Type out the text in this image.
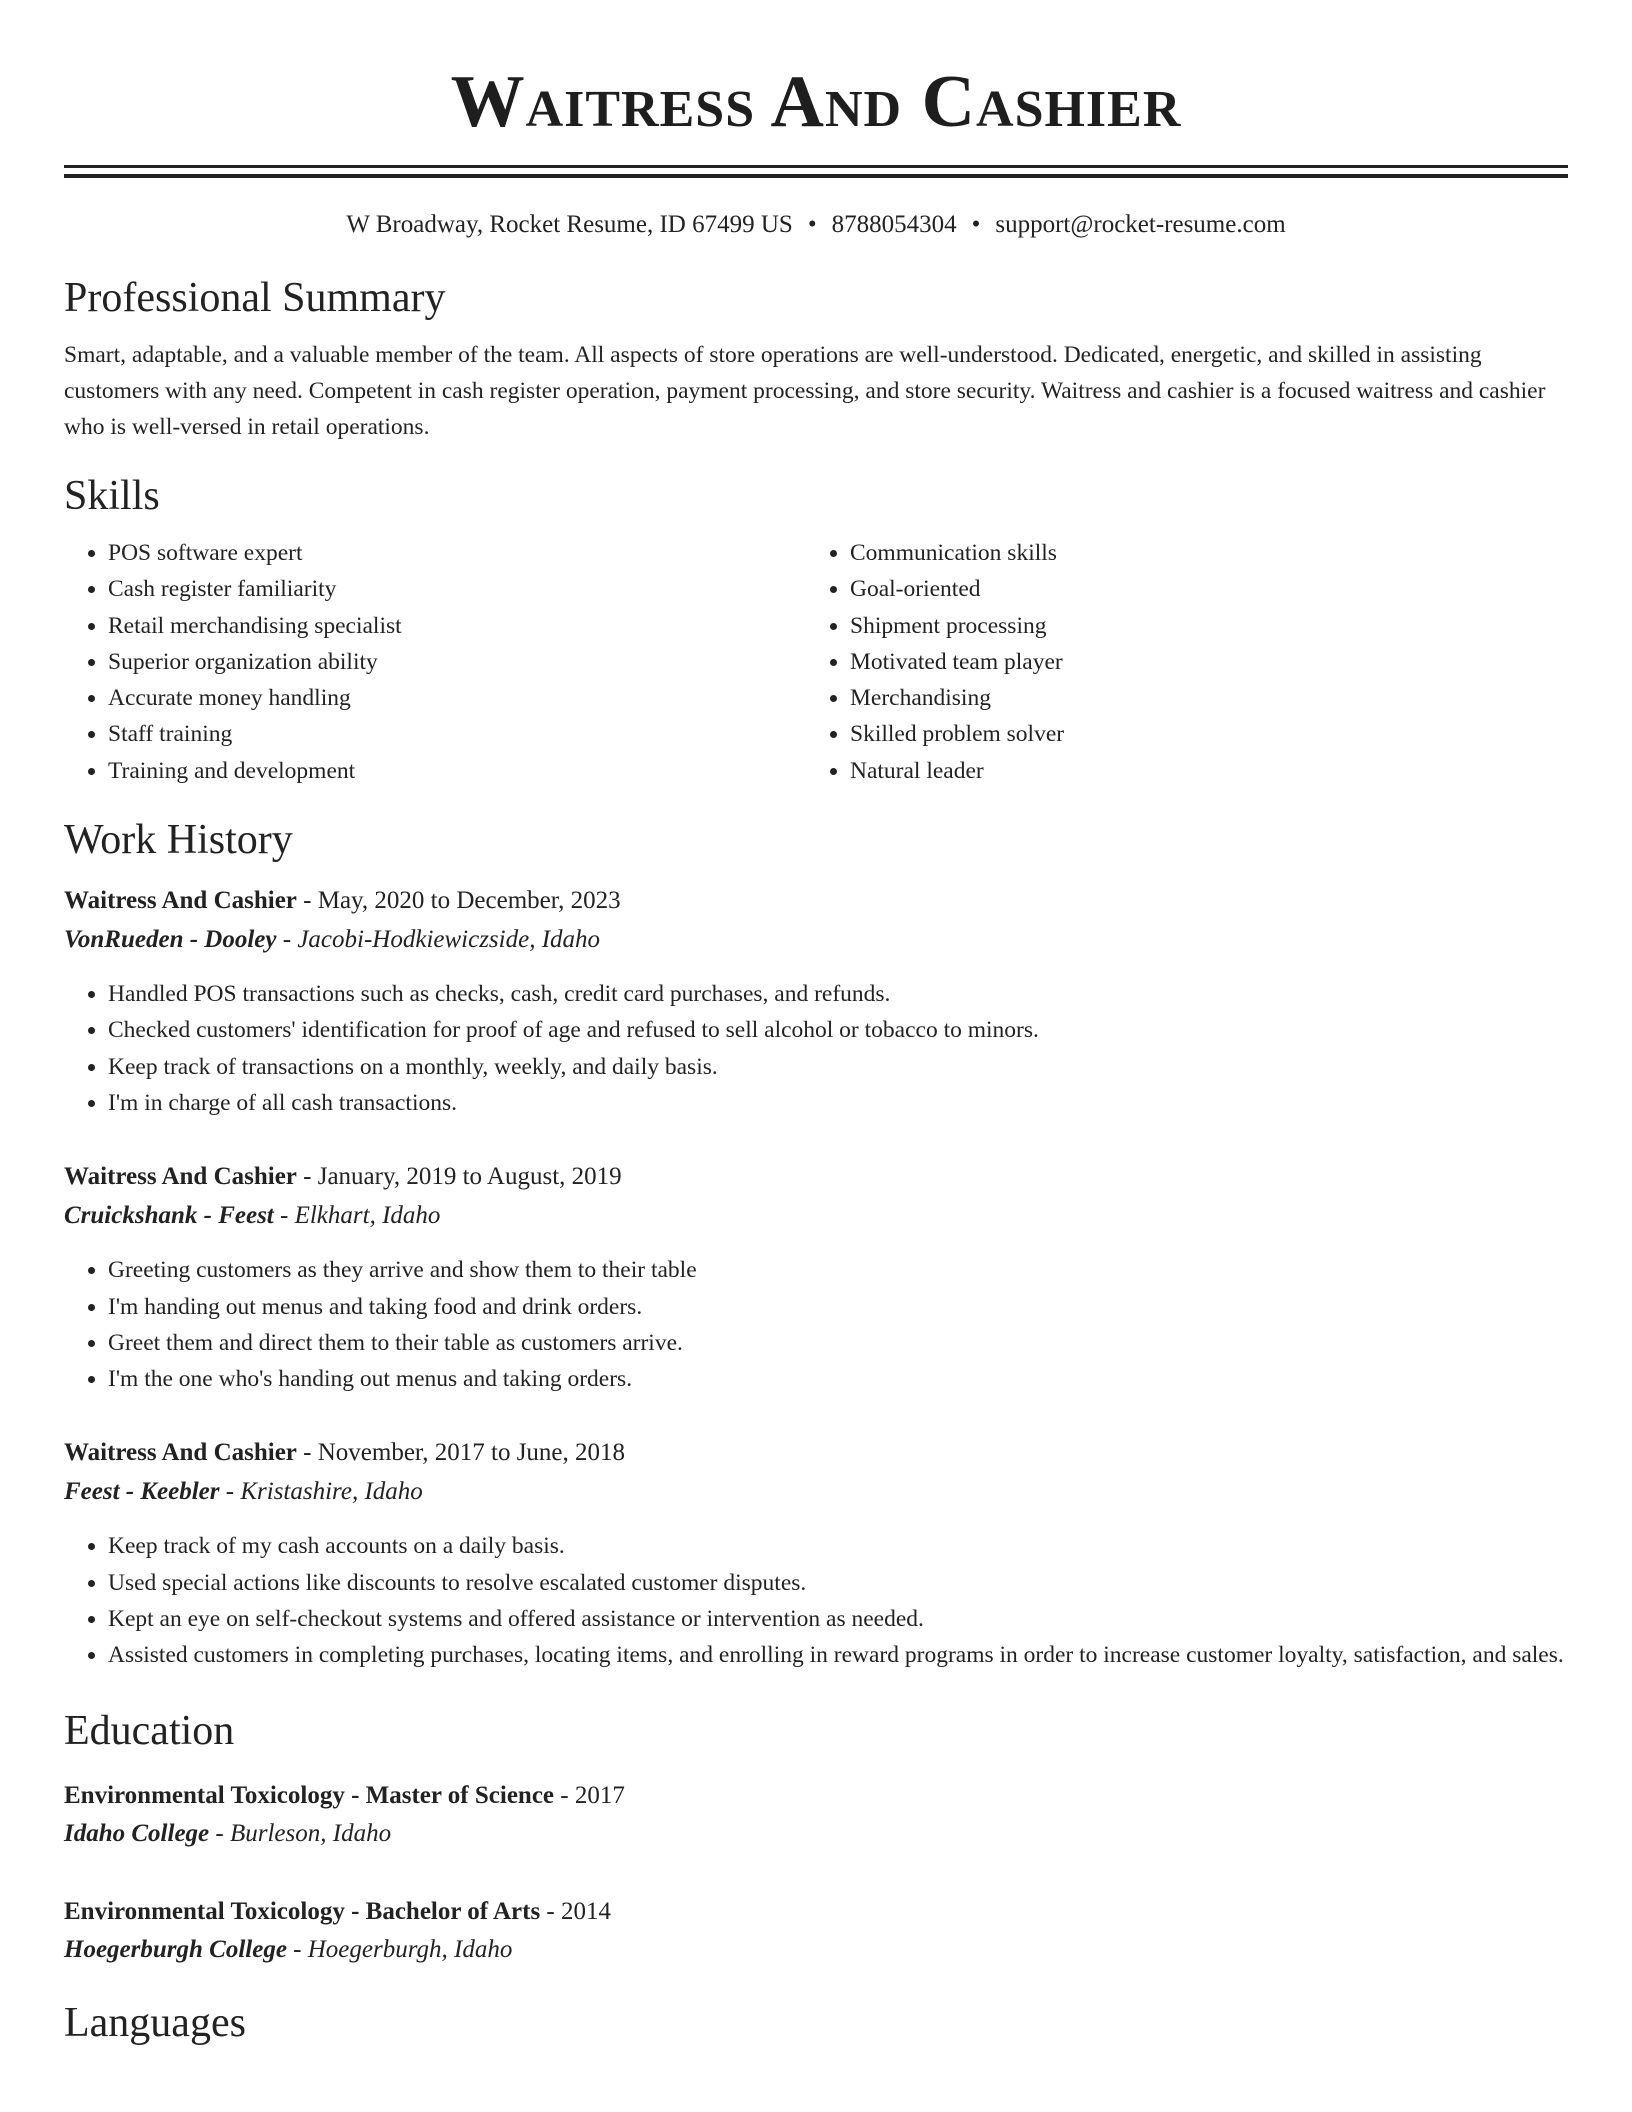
Waitress And Cashier
W Broadway, Rocket Resume, ID 67499 US • 8788054304 • support@rocket-resume.com
Professional Summary
Smart, adaptable, and a valuable member of the team. All aspects of store operations are well-understood. Dedicated, energetic, and skilled in assisting customers with any need. Competent in cash register operation, payment processing, and store security. Waitress and cashier is a focused waitress and cashier who is well-versed in retail operations.
Skills
• POS software expert
• Cash register familiarity
• Retail merchandising specialist
• Superior organization ability
• Accurate money handling
• Staff training
• Training and development
• Communication skills
• Goal-oriented
• Shipment processing
• Motivated team player
• Merchandising
• Skilled problem solver
• Natural leader
Work History
Waitress And Cashier - May, 2020 to December, 2023
VonRueden - Dooley - Jacobi-Hodkiewiczside, Idaho
• Handled POS transactions such as checks, cash, credit card purchases, and refunds.
• Checked customers' identification for proof of age and refused to sell alcohol or tobacco to minors.
• Keep track of transactions on a monthly, weekly, and daily basis.
• I'm in charge of all cash transactions.
Waitress And Cashier - January, 2019 to August, 2019
Cruickshank - Feest - Elkhart, Idaho
• Greeting customers as they arrive and show them to their table
• I'm handing out menus and taking food and drink orders.
• Greet them and direct them to their table as customers arrive.
• I'm the one who's handing out menus and taking orders.
Waitress And Cashier - November, 2017 to June, 2018
Feest - Keebler - Kristashire, Idaho
• Keep track of my cash accounts on a daily basis.
• Used special actions like discounts to resolve escalated customer disputes.
• Kept an eye on self-checkout systems and offered assistance or intervention as needed.
• Assisted customers in completing purchases, locating items, and enrolling in reward programs in order to increase customer loyalty, satisfaction, and sales.
Education
Environmental Toxicology - Master of Science - 2017
Idaho College - Burleson, Idaho
Environmental Toxicology - Bachelor of Arts - 2014
Hoegerburgh College - Hoegerburgh, Idaho
Languages
